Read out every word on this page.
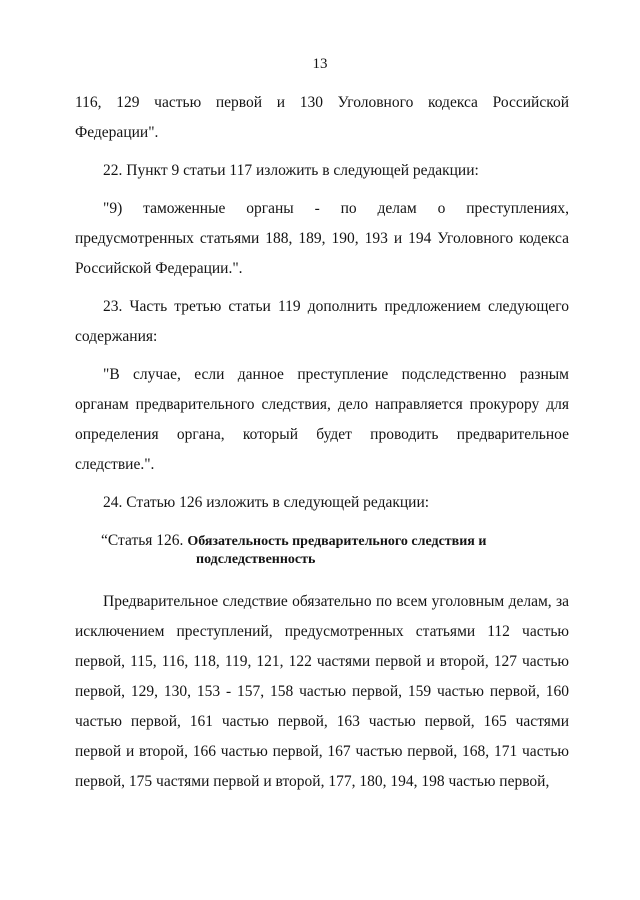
13

116, 129 частью первой и 130 Уголовного кодекса Российской

Федерации".

22. Пункт 9 статьи 117 изложить в следующей редакции:

"9) таможенные органы - по делам о преступлениях,

предусмотренных статьями 188, 189, 190, 193 и 194 Уголовного кодекса Российской Федерации.".

23. Часть третью статьи 119 дополнить предложением следующего

содержания:

"В случае, если данное преступление подследственно разным органам предварительного следствия, дело направляется прокурору для определения органа, который будет проводить предварительное следствие.".

24. Статью 126 изложить в следующей редакции:

“Статья 126. Обязательность предварительного следствия и
подследственность

Предварительное следствие обязательно по всем уголовным делам, за исключением преступлений, предусмотренных статьями 112 частью первой, 115, 116, 118, 119, 121, 122 частями первой и второй, 127 частью первой, 129, 130, 153 - 157, 158 частью первой, 159 частью первой, 160 частью первой, 161 частью первой, 163 частью первой, 165 частями первой и второй, 166 частью первой, 167 частью первой, 168, 171 частью первой, 175 частями первой и второй, 177, 180, 194, 198 частью первой,
